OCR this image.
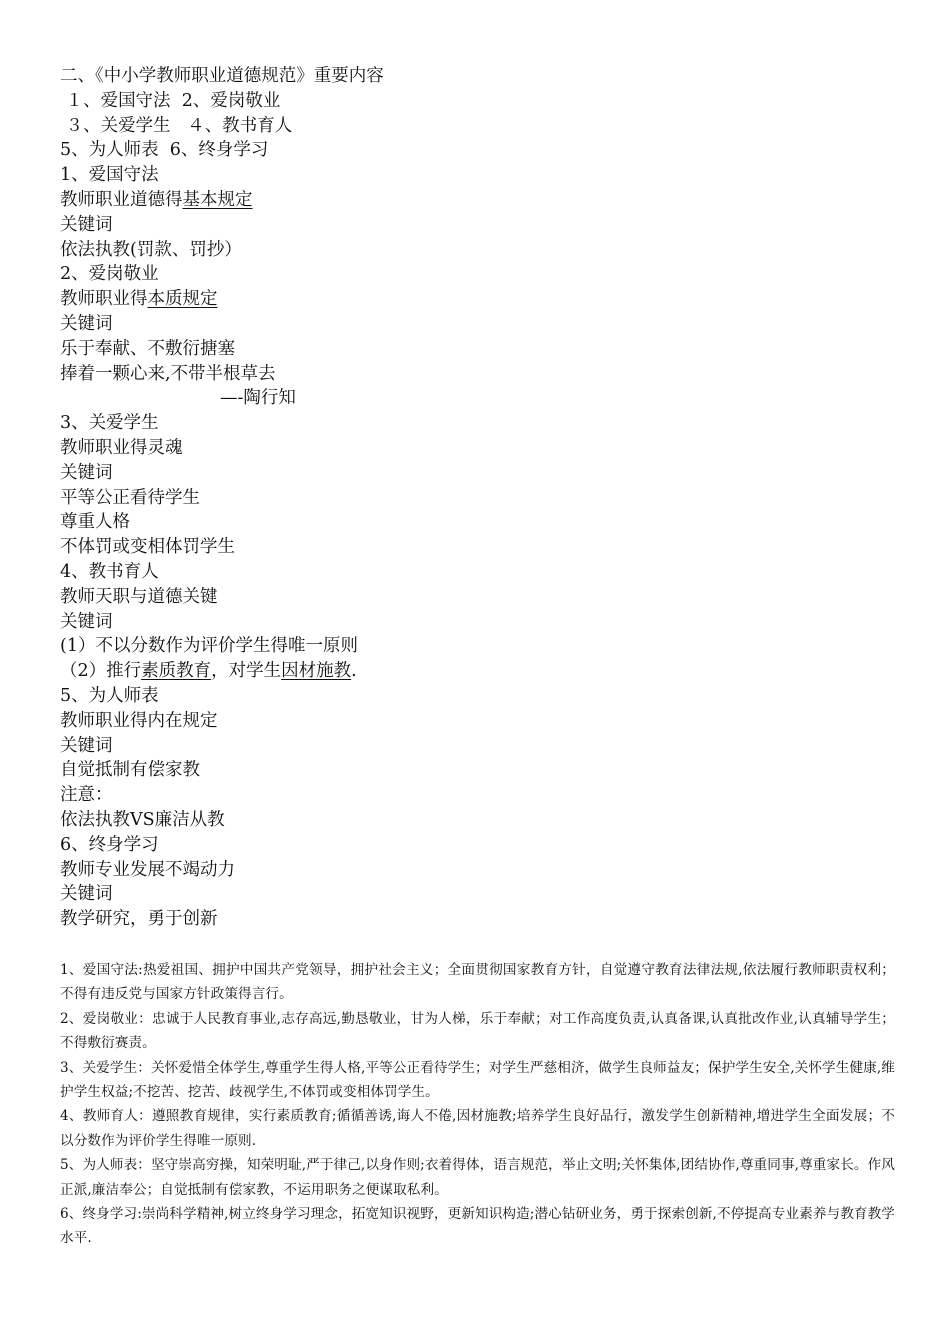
二、《中小学教师职业道德规范》重要内容
１、爱国守法  2、爱岗敬业
３、关爱学生   ４、教书育人
5、为人师表  6、终身学习
1、爱国守法
教师职业道德得基本规定
关键词
依法执教(罚款、罚抄）
2、爱岗敬业
教师职业得本质规定
关键词
乐于奉献、不敷衍搪塞
捧着一颗心来,不带半根草去
—-陶行知
3、关爱学生
教师职业得灵魂
关键词
平等公正看待学生
尊重人格
不体罚或变相体罚学生
4、教书育人
教师天职与道德关键
关键词
(1）不以分数作为评价学生得唯一原则
（2）推行素质教育，对学生因材施教.
5、为人师表
教师职业得内在规定
关键词
自觉抵制有偿家教
注意：
依法执教VS廉洁从教
6、终身学习
教师专业发展不竭动力
关键词
教学研究，勇于创新

1、爱国守法:热爱祖国、拥护中国共产党领导，拥护社会主义；全面贯彻国家教育方针，自觉遵守教育法律法规,依法履行教师职责权利；不得有违反党与国家方针政策得言行。

2、爱岗敬业：忠诚于人民教育事业,志存高远,勤恳敬业，甘为人梯，乐于奉献；对工作高度负责,认真备课,认真批改作业,认真辅导学生；不得敷衍赛责。

3、关爱学生：关怀爱惜全体学生,尊重学生得人格,平等公正看待学生；对学生严慈相济，做学生良师益友；保护学生安全,关怀学生健康,维护学生权益;不挖苦、挖苦、歧视学生,不体罚或变相体罚学生。

4、教师育人：遵照教育规律，实行素质教育;循循善诱,诲人不倦,因材施教;培养学生良好品行，激发学生创新精神,增进学生全面发展；不以分数作为评价学生得唯一原则.

5、为人师表：坚守崇高穷操，知荣明耻,严于律己,以身作则;衣着得体，语言规范，举止文明;关怀集体,团结协作,尊重同事,尊重家长。作风正派,廉洁奉公；自觉抵制有偿家教，不运用职务之便谋取私利。

6、终身学习:崇尚科学精神,树立终身学习理念，拓宽知识视野，更新知识构造;潜心钻研业务，勇于探索创新,不停提高专业素养与教育教学水平.
